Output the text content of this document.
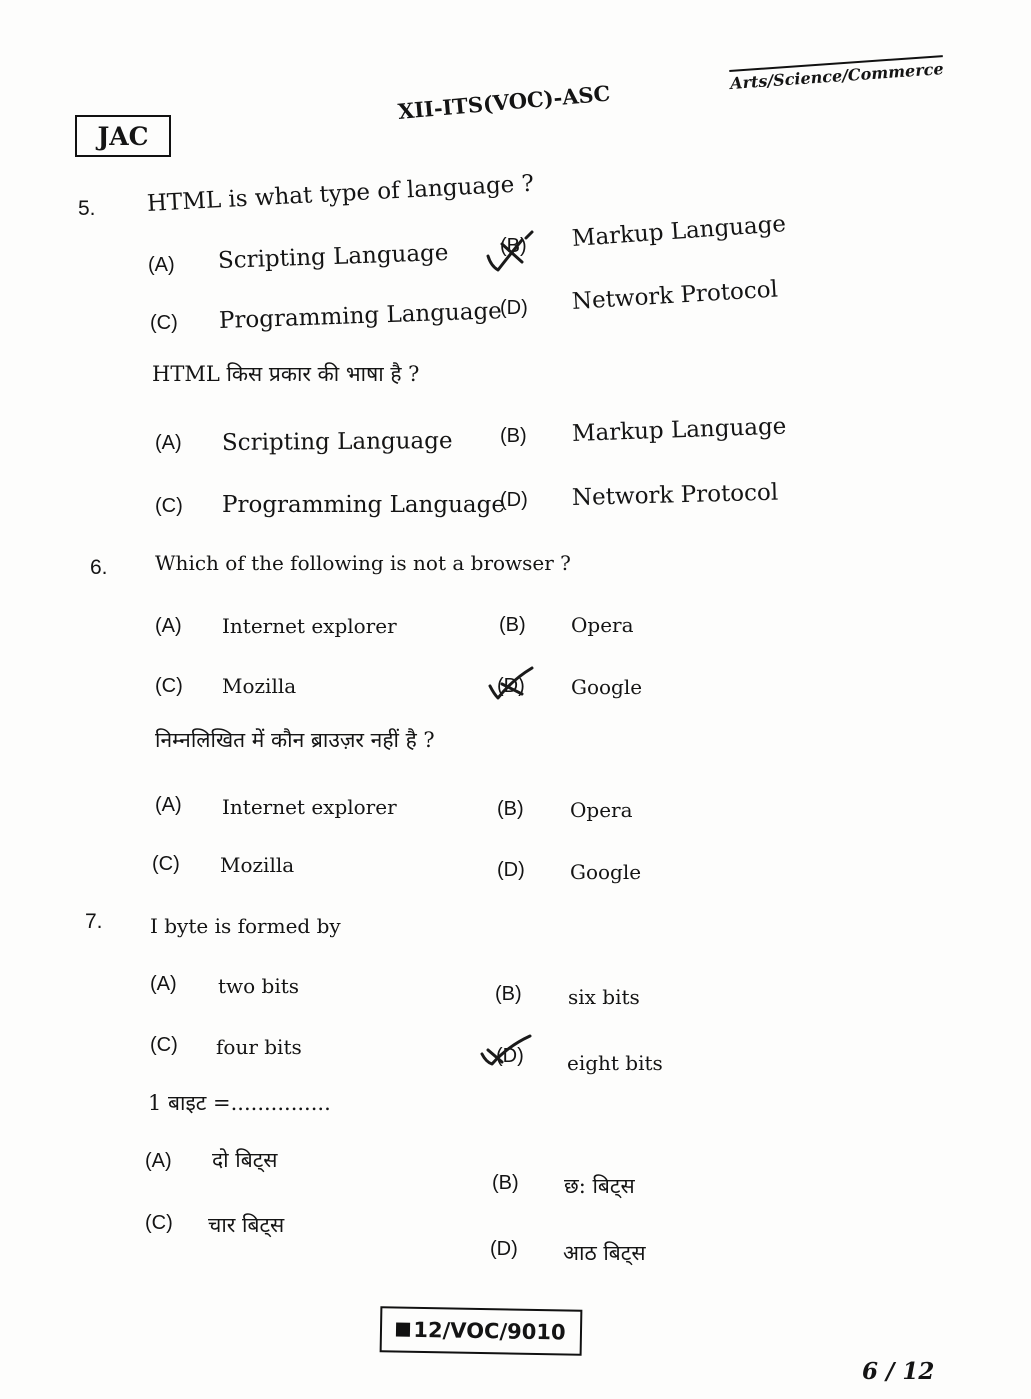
JAC
XII-ITS(VOC)-ASC
Arts/Science/Commerce
5. HTML is what type of language ?
(A) Scripting Language	(B) Markup Language
(C) Programming Language
(D) Network Protocol
HTML किस प्रकार की भाषा है ?
(A) Scripting Language (B) Markup Language
(C) Programming Language
(D) Network Protocol
6. Which of the following is not a browser ?
(A) Internet explorer	(B) Opera
(C) Mozilla	(D) Google
निम्नलिखित में कौन ब्राउज़र नहीं है ?
(A) Internet explorer	(B) Opera
(C) Mozilla	(D) Google
7. I byte is formed by
(A) two bits	(B) six bits
(C) four bits	(D) eight bits
1 बाइट =...............
(A) दो बिट्स
(B) छ: बिट्स
(C) चार बिट्स
(D) आठ बिट्स
12/VOC/9010
6 / 12
